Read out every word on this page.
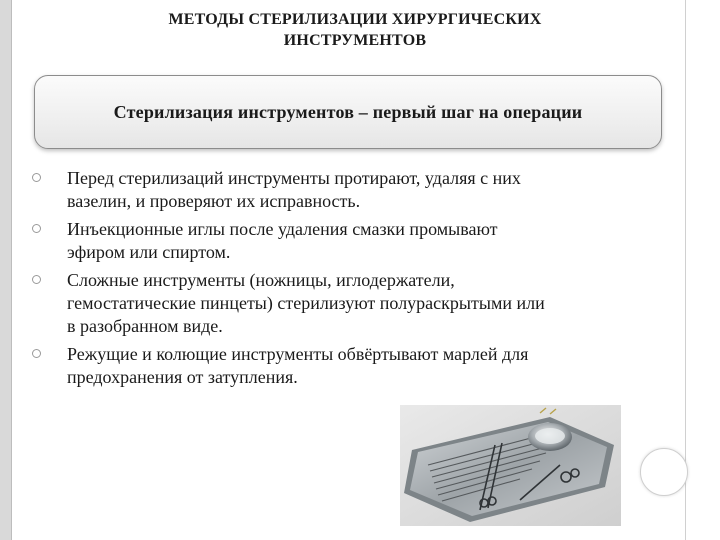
МЕТОДЫ СТЕРИЛИЗАЦИИ ХИРУРГИЧЕСКИХ
ИНСТРУМЕНТОВ
Стерилизация инструментов – первый шаг на операции
Перед стерилизаций инструменты протирают, удаляя с них
вазелин, и проверяют их исправность.
Инъекционные иглы после удаления смазки промывают
эфиром или спиртом.
Сложные инструменты (ножницы, иглодержатели,
гемостатические пинцеты) стерилизуют полураскрытыми или
в разобранном виде.
Режущие и колющие инструменты обвёртывают марлей для
предохранения от затупления.
